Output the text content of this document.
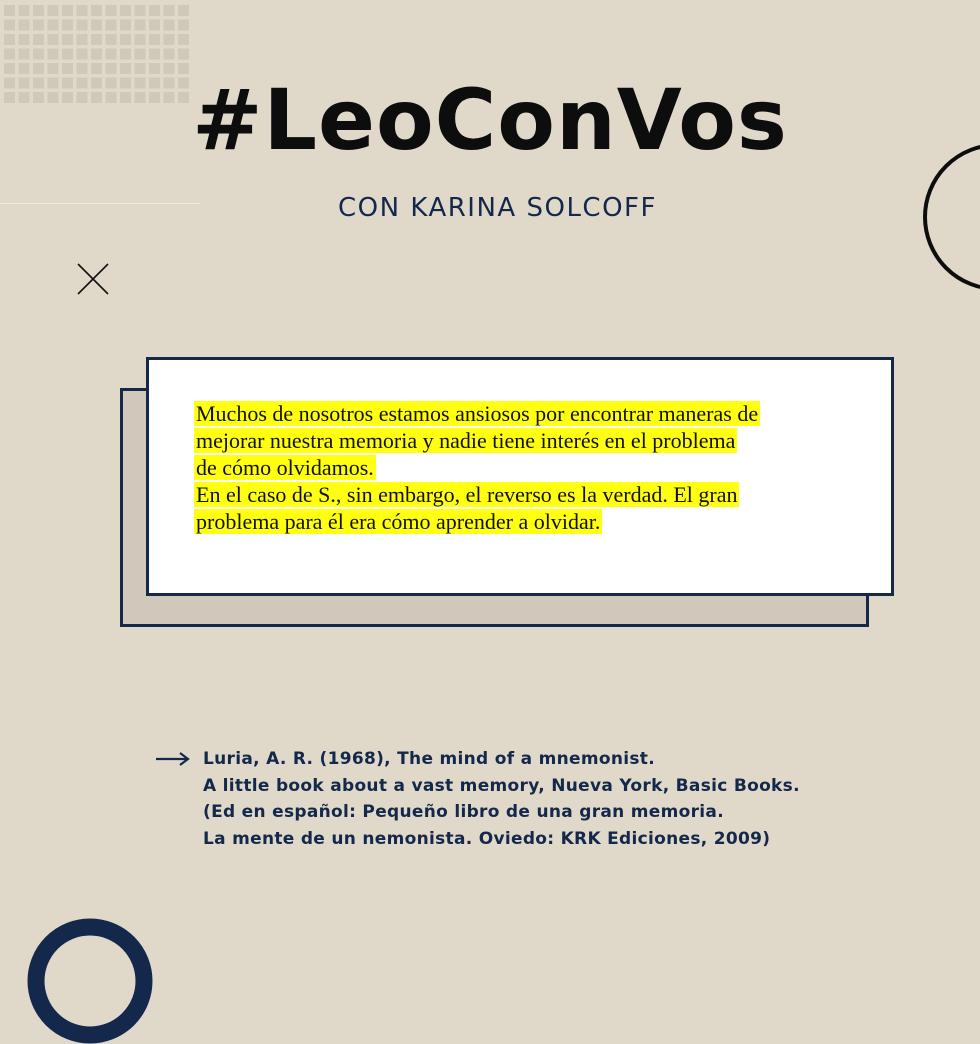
#LeoConVos

CON KARINA SOLCOFF

Muchos de nosotros estamos ansiosos por encontrar maneras de
mejorar nuestra memoria y nadie tiene interés en el problema
de cómo olvidamos.
En el caso de S., sin embargo, el reverso es la verdad. El gran
problema para él era cómo aprender a olvidar.
Luria, A. R. (1968), The mind of a mnemonist.
A little book about a vast memory, Nueva York, Basic Books.
(Ed en español: Pequeño libro de una gran memoria.
La mente de un nemonista. Oviedo: KRK Ediciones, 2009)
